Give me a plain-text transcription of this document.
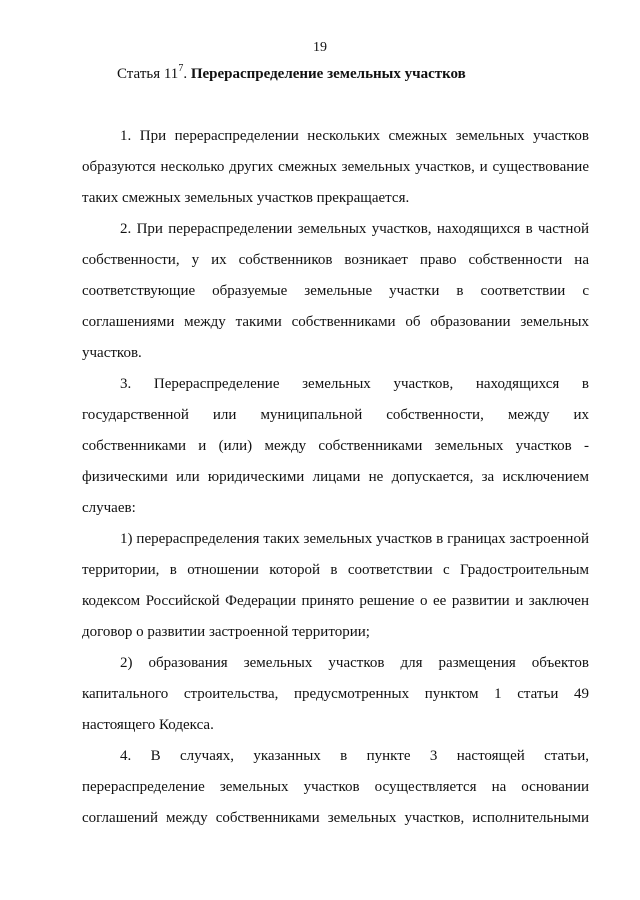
19
Статья $11^7$. Перераспределение земельных участков
1. При перераспределении нескольких смежных земельных участков
образуются несколько других смежных земельных участков, и существование
таких смежных земельных участков прекращается.
2. При перераспределении земельных участков, находящихся в частной
собственности, у их собственников возникает право собственности на
соответствующие образуемые земельные участки в соответствии с
соглашениями между такими собственниками об образовании земельных
участков.
3. Перераспределение земельных участков, находящихся в
государственной или муниципальной собственности, между их
собственниками и (или) между собственниками земельных участков -
физическими или юридическими лицами не допускается, за исключением
случаев:
1) перераспределения таких земельных участков в границах застроенной
территории, в отношении которой в соответствии с Градостроительным
кодексом Российской Федерации принято решение о ее развитии и заключен
договор о развитии застроенной территории;
2) образования земельных участков для размещения объектов
капитального строительства, предусмотренных пунктом 1 статьи 49
настоящего Кодекса.
4. В случаях, указанных в пункте 3 настоящей статьи,
перераспределение земельных участков осуществляется на основании
соглашений между собственниками земельных участков, исполнительными
